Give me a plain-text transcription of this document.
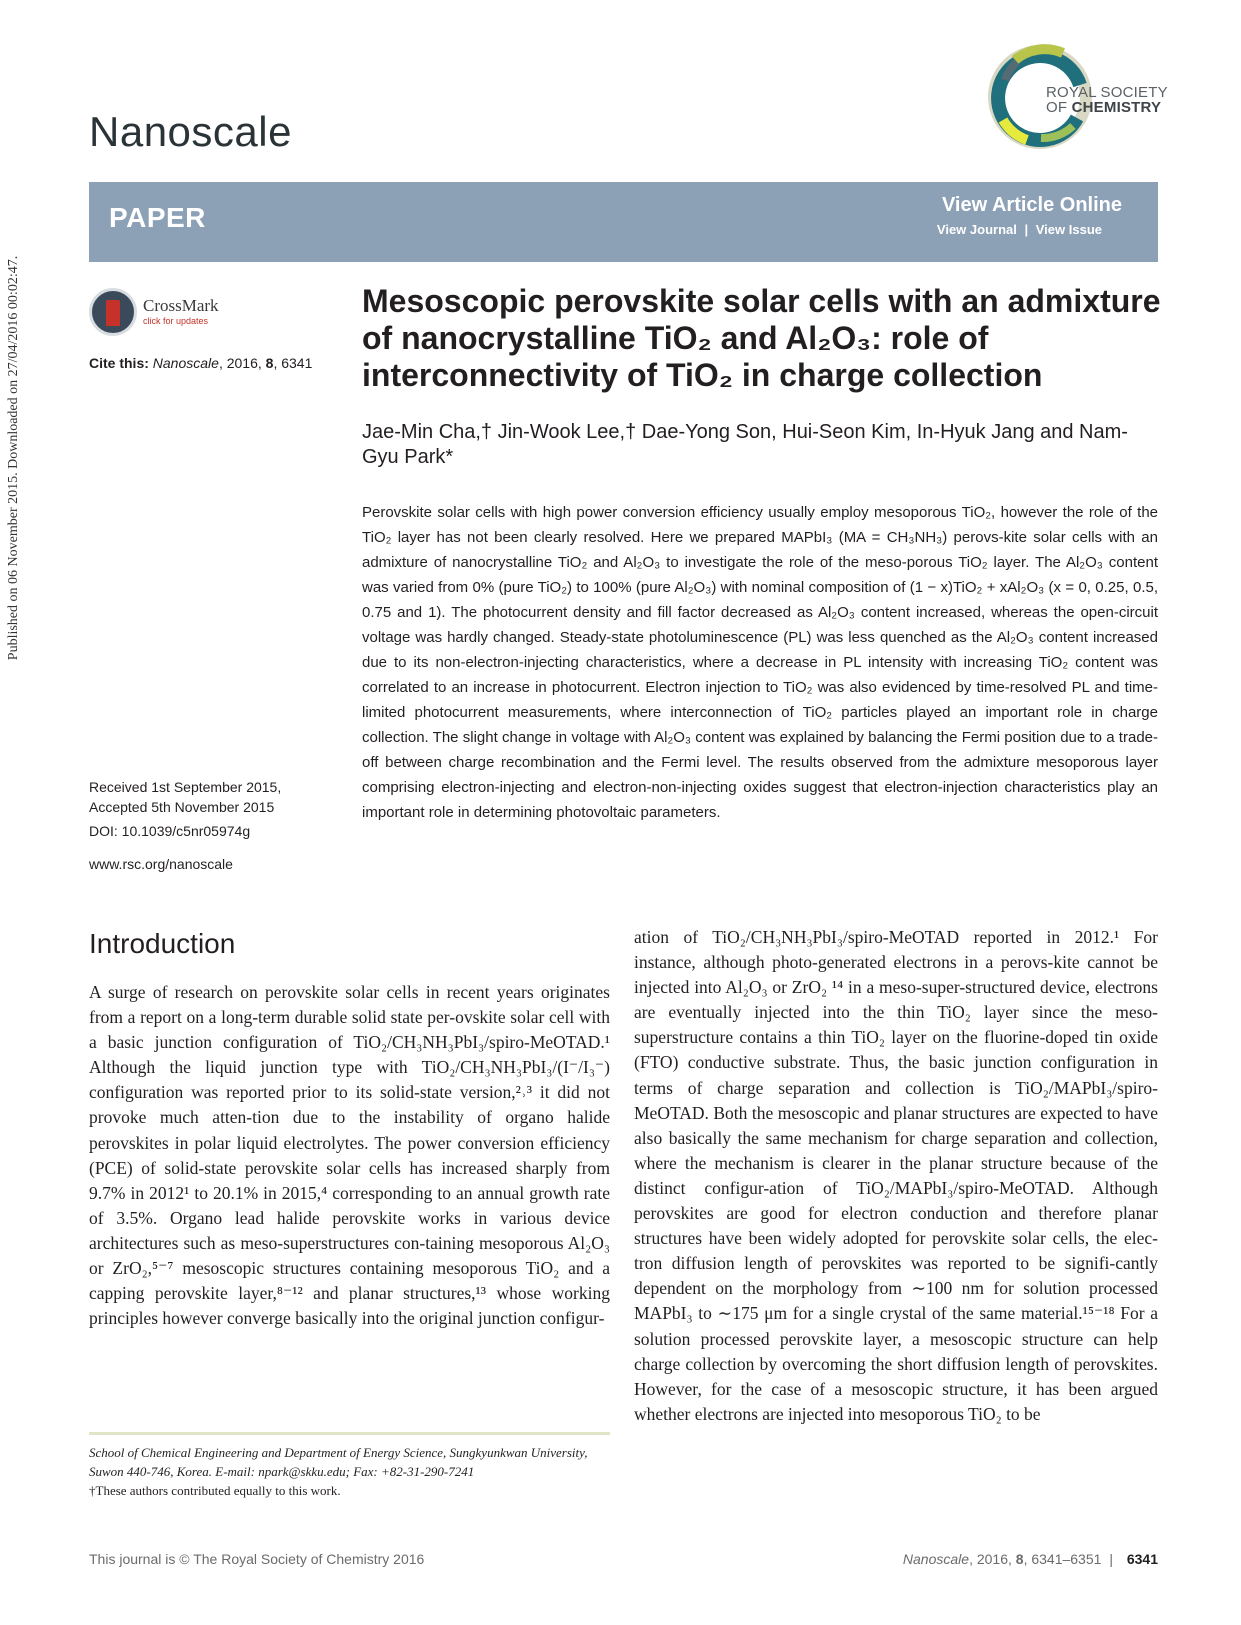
Published on 06 November 2015. Downloaded on 27/04/2016 00:02:47.
Nanoscale
ROYAL SOCIETY
OF CHEMISTRY
PAPER	View Article Online
View Journal | View Issue
CrossMark
click for updates
Cite this: Nanoscale, 2016, 8, 6341
Mesoscopic perovskite solar cells with an admixture of nanocrystalline TiO₂ and Al₂O₃: role of interconnectivity of TiO₂ in charge collection
Jae-Min Cha,† Jin-Wook Lee,† Dae-Yong Son, Hui-Seon Kim, In-Hyuk Jang and Nam-Gyu Park*
Perovskite solar cells with high power conversion efficiency usually employ mesoporous TiO₂, however the role of the TiO₂ layer has not been clearly resolved. Here we prepared MAPbI₃ (MA = CH₃NH₃) perovs-kite solar cells with an admixture of nanocrystalline TiO₂ and Al₂O₃ to investigate the role of the meso-porous TiO₂ layer. The Al₂O₃ content was varied from 0% (pure TiO₂) to 100% (pure Al₂O₃) with nominal composition of (1 − x)TiO₂ + xAl₂O₃ (x = 0, 0.25, 0.5, 0.75 and 1). The photocurrent density and fill factor decreased as Al₂O₃ content increased, whereas the open-circuit voltage was hardly changed. Steady-state photoluminescence (PL) was less quenched as the Al₂O₃ content increased due to its non-electron-injecting characteristics, where a decrease in PL intensity with increasing TiO₂ content was correlated to an increase in photocurrent. Electron injection to TiO₂ was also evidenced by time-resolved PL and time-limited photocurrent measurements, where interconnection of TiO₂ particles played an important role in charge collection. The slight change in voltage with Al₂O₃ content was explained by balancing the Fermi position due to a trade-off between charge recombination and the Fermi level. The results observed from the admixture mesoporous layer comprising electron-injecting and electron-non-injecting oxides suggest that electron-injection characteristics play an important role in determining photovoltaic parameters.
Received 1st September 2015,
Accepted 5th November 2015
DOI: 10.1039/c5nr05974g
www.rsc.org/nanoscale
Introduction
A surge of research on perovskite solar cells in recent years originates from a report on a long-term durable solid state per-ovskite solar cell with a basic junction configuration of TiO₂/CH₃NH₃PbI₃/spiro-MeOTAD.¹ Although the liquid junction type with TiO₂/CH₃NH₃PbI₃/(I⁻/I₃⁻) configuration was reported prior to its solid-state version,²˒³ it did not provoke much atten-tion due to the instability of organo halide perovskites in polar liquid electrolytes. The power conversion efficiency (PCE) of solid-state perovskite solar cells has increased sharply from 9.7% in 2012¹ to 20.1% in 2015,⁴ corresponding to an annual growth rate of 3.5%. Organo lead halide perovskite works in various device architectures such as meso-superstructures con-taining mesoporous Al₂O₃ or ZrO₂,⁵⁻⁷ mesoscopic structures containing mesoporous TiO₂ and a capping perovskite layer,⁸⁻¹² and planar structures,¹³ whose working principles however converge basically into the original junction configur-
ation of TiO₂/CH₃NH₃PbI₃/spiro-MeOTAD reported in 2012.¹ For instance, although photo-generated electrons in a perovs-kite cannot be injected into Al₂O₃ or ZrO₂ ¹⁴ in a meso-super-structured device, electrons are eventually injected into the thin TiO₂ layer since the meso-superstructure contains a thin TiO₂ layer on the fluorine-doped tin oxide (FTO) conductive substrate. Thus, the basic junction configuration in terms of charge separation and collection is TiO₂/MAPbI₃/spiro-MeOTAD. Both the mesoscopic and planar structures are expected to have also basically the same mechanism for charge separation and collection, where the mechanism is clearer in the planar structure because of the distinct configur-ation of TiO₂/MAPbI₃/spiro-MeOTAD. Although perovskites are good for electron conduction and therefore planar structures have been widely adopted for perovskite solar cells, the elec-tron diffusion length of perovskites was reported to be signifi-cantly dependent on the morphology from ∼100 nm for solution processed MAPbI₃ to ∼175 μm for a single crystal of the same material.¹⁵⁻¹⁸ For a solution processed perovskite layer, a mesoscopic structure can help charge collection by overcoming the short diffusion length of perovskites. However, for the case of a mesoscopic structure, it has been argued whether electrons are injected into mesoporous TiO₂ to be
School of Chemical Engineering and Department of Energy Science, Sungkyunkwan University, Suwon 440-746, Korea. E-mail: npark@skku.edu; Fax: +82-31-290-7241
†These authors contributed equally to this work.
This journal is © The Royal Society of Chemistry 2016	Nanoscale, 2016, 8, 6341–6351 | 6341
